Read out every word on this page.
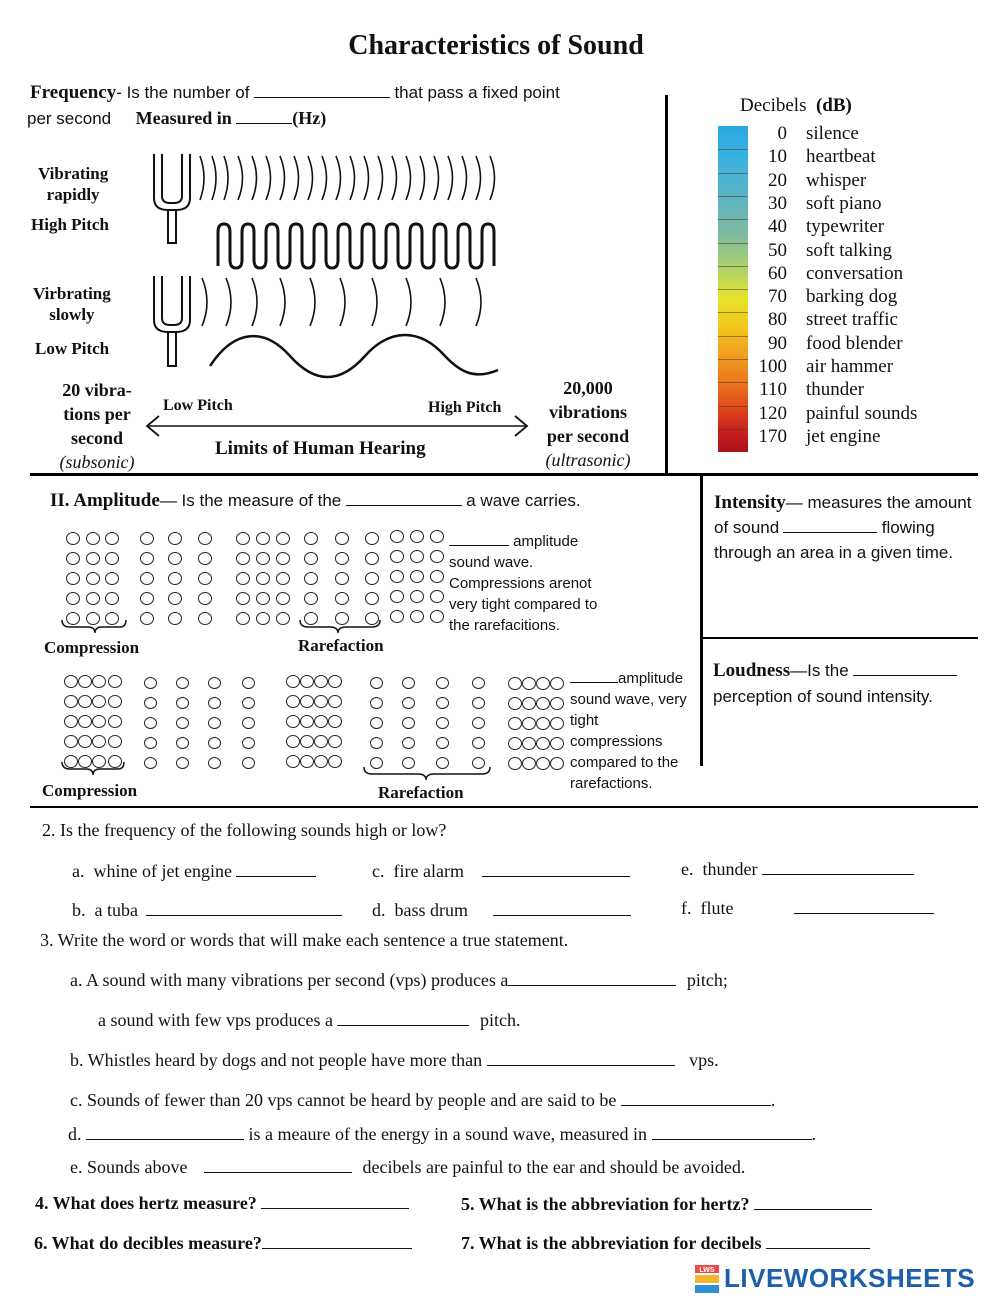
Characteristics of Sound
Frequency- Is the number of	that pass a fixed point
per second Measured in	(Hz)
Vibrating
rapidly
High Pitch
Virbrating
slowly
Low Pitch
20 vibra-
tions per
second
(subsonic)
20,000
vibrations
per second
(ultrasonic)
Low Pitch	High Pitch
Limits of Human Hearing
Decibels (dB)
0 silence
10 heartbeat
20 whisper
30 soft piano
40 typewriter
50 soft talking
60 conversation
70 barking dog
80 street traffic
90 food blender
100 air hammer
110 thunder
120 painful sounds
170 jet engine
II. Amplitude— Is the measure of the	a wave carries.
Compression	Rarefaction
Compression	Rarefaction
amplitude
sound wave.
Compressions arenot
very tight compared to
the rarefacitions.
amplitude
sound wave, very
tight
compressions
compared to the
rarefactions.
Intensity— measures the amount of sound	flowing through an area in a given time.
Loudness—Is the  perception of sound intensity.
2. Is the frequency of the following sounds high or low?
a. whine of jet engine	c. fire alarm	e. thunder
b. a tuba	d. bass drum	f. flute
3. Write the word or words that will make each sentence a true statement.
a. A sound with many vibrations per second (vps) produces a	pitch;
a sound with few vps produces a	pitch.
b. Whistles heard by dogs and not people have more than	vps.
c. Sounds of fewer than 20 vps cannot be heard by people and are said to be	.
d.	is a meaure of the energy in a sound wave, measured in	.
e. Sounds above	decibels are painful to the ear and should be avoided.
4. What does hertz measure?	5. What is the abbreviation for hertz?
6. What do decibles measure?	7. What is the abbreviation for decibels
LWS LIVEWORKSHEETS
